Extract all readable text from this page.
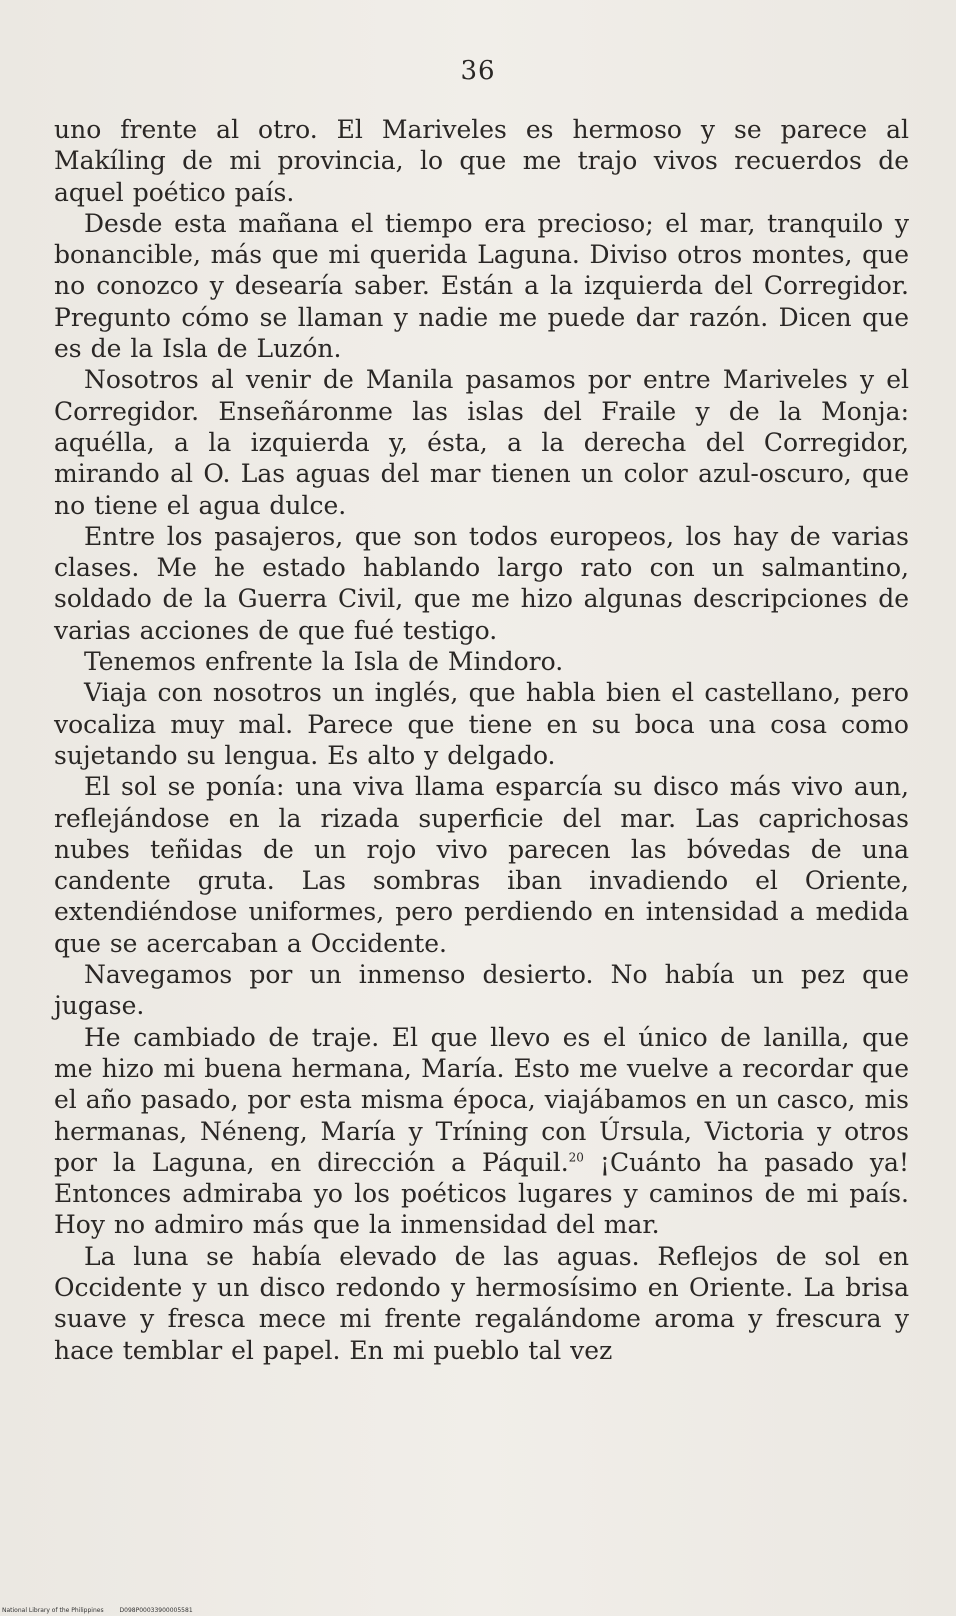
36

uno frente al otro. El Mariveles es hermoso y se parece al Makíling de mi provincia, lo que me trajo vivos recuerdos de aquel poético país.

Desde esta mañana el tiempo era precioso; el mar, tranquilo y bonancible, más que mi querida Laguna. Diviso otros montes, que no conozco y desearía saber. Están a la izquierda del Corregidor. Pregunto cómo se llaman y nadie me puede dar razón. Dicen que es de la Isla de Luzón.

Nosotros al venir de Manila pasamos por entre Mariveles y el Corregidor. Enseñáronme las islas del Fraile y de la Monja: aquélla, a la izquierda y, ésta, a la derecha del Corregidor, mirando al O. Las aguas del mar tienen un color azul-oscuro, que no tiene el agua dulce.

Entre los pasajeros, que son todos europeos, los hay de varias clases. Me he estado hablando largo rato con un salmantino, soldado de la Guerra Civil, que me hizo algunas descripciones de varias acciones de que fué testigo.

Tenemos enfrente la Isla de Mindoro.

Viaja con nosotros un inglés, que habla bien el castellano, pero vocaliza muy mal. Parece que tiene en su boca una cosa como sujetando su lengua. Es alto y delgado.

El sol se ponía: una viva llama esparcía su disco más vivo aun, reflejándose en la rizada superficie del mar. Las caprichosas nubes teñidas de un rojo vivo parecen las bóvedas de una candente gruta. Las sombras iban invadiendo el Oriente, extendiéndose uniformes, pero perdiendo en intensidad a medida que se acercaban a Occidente.

Navegamos por un inmenso desierto. No había un pez que jugase.

He cambiado de traje. El que llevo es el único de lanilla, que me hizo mi buena hermana, María. Esto me vuelve a recordar que el año pasado, por esta misma época, viajábamos en un casco, mis hermanas, Néneng, María y Tríning con Úrsula, Victoria y otros por la Laguna, en dirección a Páquil.$^{20}$ ¡Cuánto ha pasado ya! Entonces admiraba yo los poéticos lugares y caminos de mi país. Hoy no admiro más que la inmensidad del mar.

La luna se había elevado de las aguas. Reflejos de sol en Occidente y un disco redondo y hermosísimo en Oriente. La brisa suave y fresca mece mi frente regalándome aroma y frescura y hace temblar el papel. En mi pueblo tal vez

National Library of the Philippines	D098P00033900005581
